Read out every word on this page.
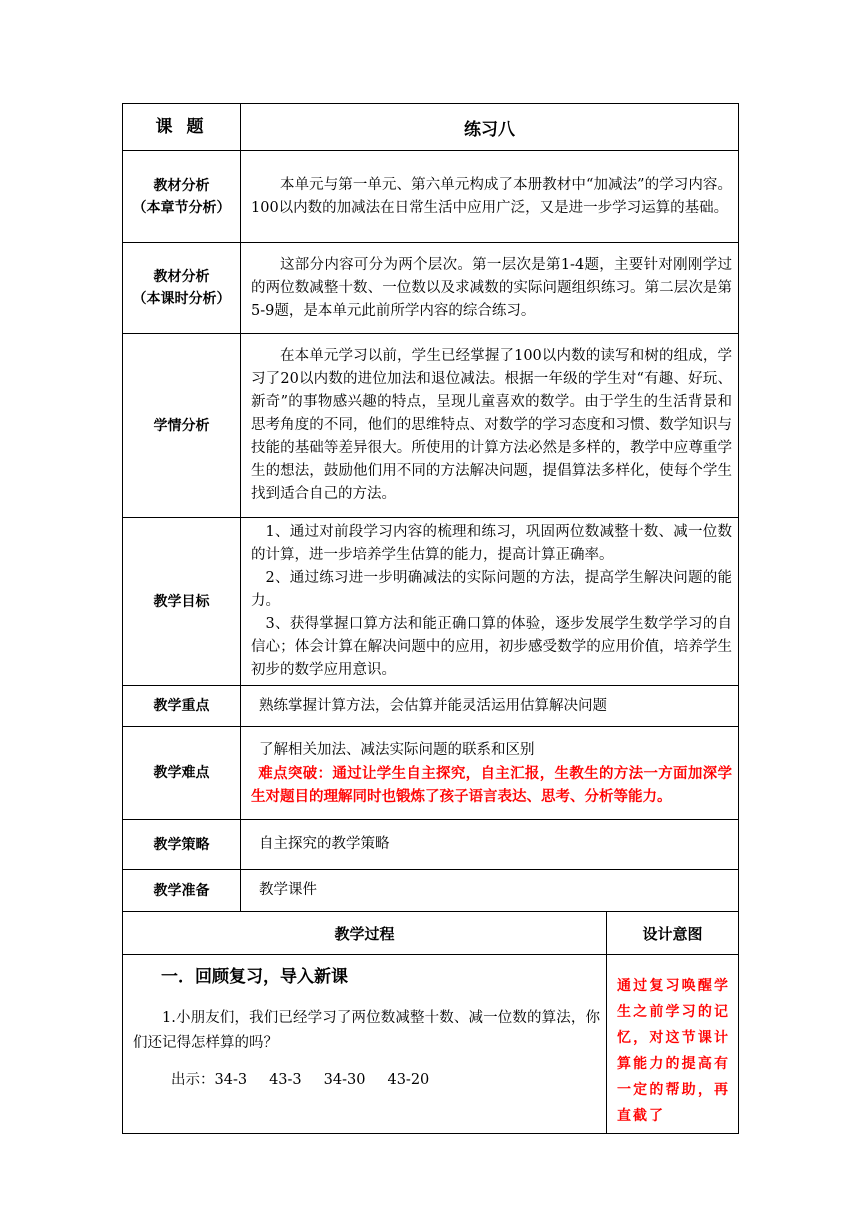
课 题	练习八

教材分析
（本章节分析）	本单元与第一单元、第六单元构成了本册教材中“加减法”的学习内容。100以内数的加减法在日常生活中应用广泛，又是进一步学习运算的基础。

教材分析
（本课时分析）	这部分内容可分为两个层次。第一层次是第1-4题，主要针对刚刚学过的两位数减整十数、一位数以及求减数的实际问题组织练习。第二层次是第5-9题，是本单元此前所学内容的综合练习。
学情分析	在本单元学习以前，学生已经掌握了100以内数的读写和树的组成，学习了20以内数的进位加法和退位减法。根据一年级的学生对“有趣、好玩、新奇”的事物感兴趣的特点，呈现儿童喜欢的数学。由于学生的生活背景和思考角度的不同，他们的思维特点、对数学的学习态度和习惯、数学知识与技能的基础等差异很大。所使用的计算方法必然是多样的，教学中应尊重学生的想法，鼓励他们用不同的方法解决问题，提倡算法多样化，使每个学生找到适合自己的方法。
教学目标	1、通过对前段学习内容的梳理和练习，巩固两位数减整十数、减一位数的计算，进一步培养学生估算的能力，提高计算正确率。
2、通过练习进一步明确减法的实际问题的方法，提高学生解决问题的能力。
3、获得掌握口算方法和能正确口算的体验，逐步发展学生数学学习的自信心；体会计算在解决问题中的应用，初步感受数学的应用价值，培养学生初步的数学应用意识。

教学重点	熟练掌握计算方法，会估算并能灵活运用估算解决问题
教学难点	了解相关加法、减法实际问题的联系和区别
难点突破：通过让学生自主探究，自主汇报，生教生的方法一方面加深学生对题目的理解同时也锻炼了孩子语言表达、思考、分析等能力。

教学策略	自主探究的教学策略
教学准备	教学课件
教学过程	设计意图

一．回顾复习，导入新课

1.小朋友们，我们已经学习了两位数减整十数、减一位数的算法，你们还记得怎样算的吗？

出示：34-3 43-3 34-30 43-20	通过复习唤醒学生之前学习的记忆，对这节课计算能力的提高有一定的帮助，再直截了
